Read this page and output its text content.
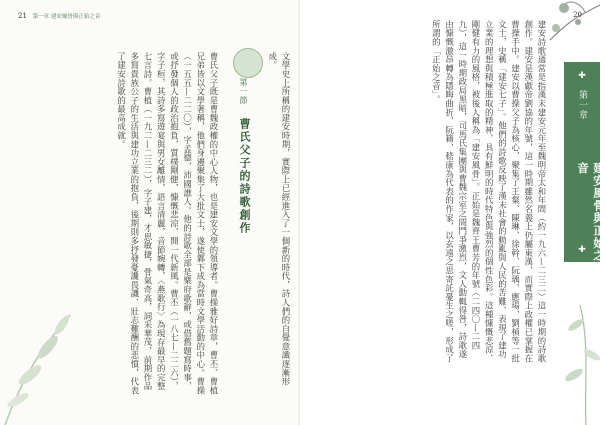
21 第一章 建安風骨與正始之音

曹氏父子既是曹魏政權的中心人物，也是建安文學的領導者。曹操雅好詩章，曹丕、曹植兄弟皆以文學著稱，他們身邊聚集了大批文士，遂使鄴下成為當時文學活動的中心。曹操（一五五—二二〇），字孟德，沛國譙人。他的詩歌全部是樂府歌辭，或借舊題寫時事，或抒發個人的政治抱負，質樸剛健，慷慨悲涼，開一代新風。曹丕（一八七—二二六），字子桓，其詩多寫遊宴與男女離情，語言清麗，音節婉轉，〈燕歌行〉為現存最早的完整七言詩。曹植（一九二—二三二），字子建，才思敏捷，骨氣奇高，詞采華茂，前期作品多寫貴族公子的生活與建功立業的抱負，後期則多抒發憂讒畏譏、壯志難酬的悲憤，代表了建安詩歌的最高成就。	第一節
曹氏父子的詩歌創作	文學史上所稱的建安時期，實際上已經進入了一個新的時代，詩人們的自覺意識逐漸形成。

20

建安詩歌通常是指漢末建安元年至魏明帝太和年間（約一九六—二三二）這一時期的詩歌創作。建安是漢獻帝劉協的年號，這一時期雖然名義上仍屬東漢，而實際上政權已掌握在曹操手中。建安以曹操父子為核心，聚集了王粲、陳琳、徐幹、阮瑀、應瑒、劉楨等一批文士，史稱「建安七子」。他們的詩歌反映了漢末社會的動亂與人民的苦難，表現了建功立業的理想與積極進取的精神，具有鮮明的時代特色與強烈的個性色彩。這種慷慨悲涼、剛健有力的風格，被後人稱為「建安風骨」。正始是魏齊王曹芳的年號（二四〇—二四九），這一時期政局黑暗，司馬氏集團與曹魏宗室之間鬥爭激烈，文人動輒得咎，詩歌遂由慷慨激昂轉為隱晦曲折，阮籍、嵇康為代表的作家，以玄遠之思寄託憂生之嗟，形成了所謂的「正始之音」。	✚
第一章
建安風骨與正始之音
✚
